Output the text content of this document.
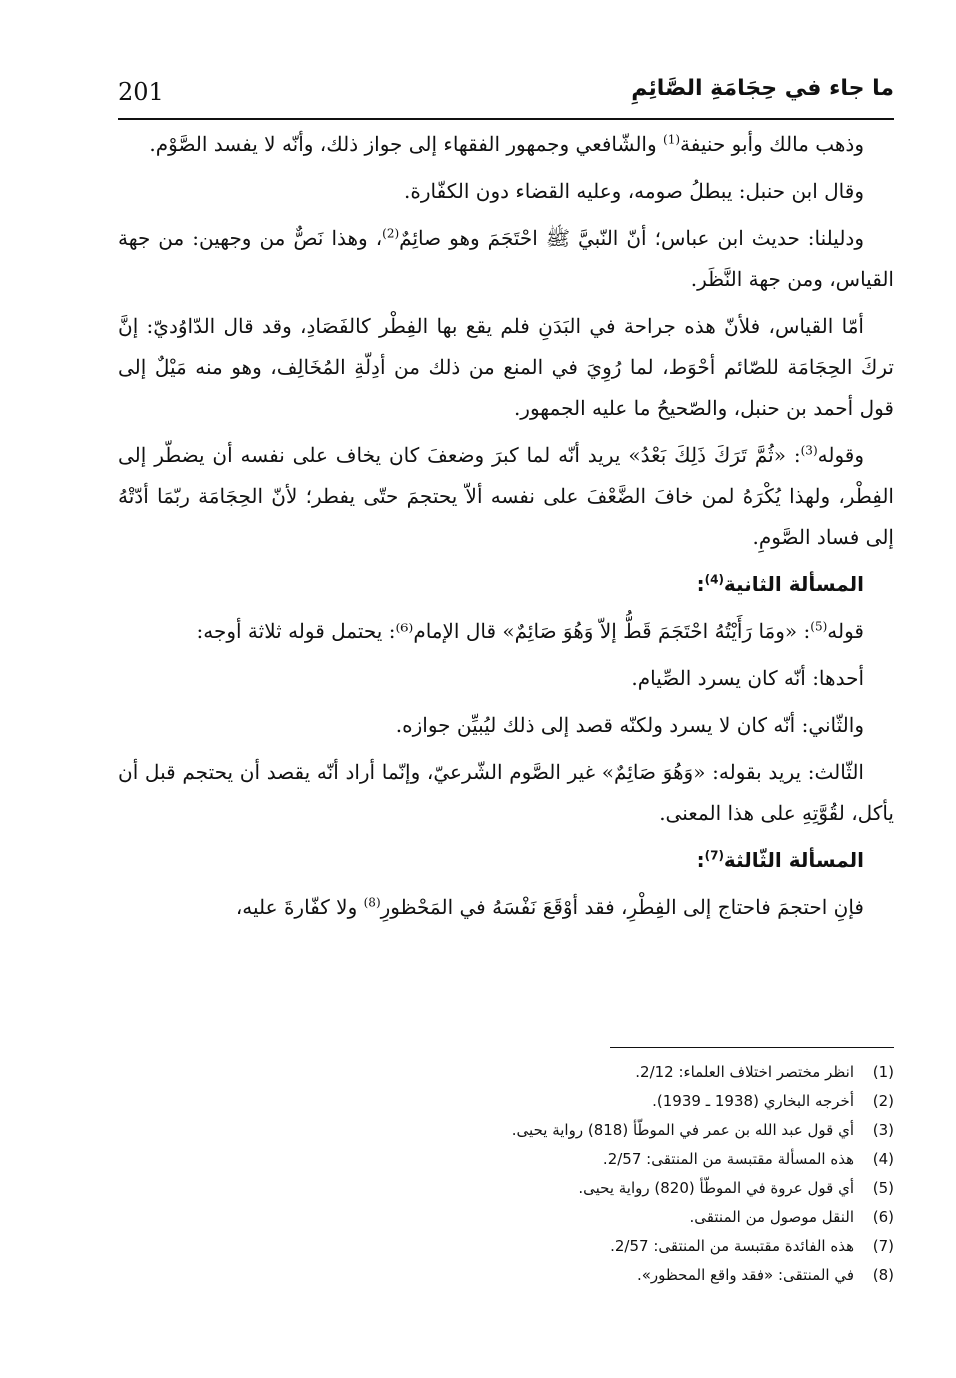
201	ما جاء في حِجَامَةِ الصَّائِمِ

وذهب مالك وأبو حنيفة$^{(1)}$ والشّافعي وجمهور الفقهاء إلى جواز ذلك، وأنّه لا يفسد الصَّوْم.

وقال ابن حنبل: يبطلُ صومه، وعليه القضاء دون الكفّارة.

ودليلنا: حديث ابن عباس؛ أنّ النّبيَّ ﷺ احْتَجَمَ وهو صائِمٌ$^{(2)}$، وهذا نَصٌّ من وجهين: من جهة القياس، ومن جهة النَّظَر.

أمّا القياس، فلأنّ هذه جراحة في البَدَنِ فلم يقع بها الفِطْر كالفَصَادِ، وقد قال الدّاوُديّ: إنَّ تركَ الحِجَامَة للصّائم أحْوَط، لما رُوِيَ في المنع من ذلك من أدِلّةِ المُخَالِف، وهو منه مَيْلٌ إلى قول أحمد بن حنبل، والصّحيحُ ما عليه الجمهور.

وقوله$^{(3)}$: «ثُمَّ تَرَكَ ذَلِكَ بَعْدُ» يريد أنّه لما كبرَ وضعفَ كان يخاف على نفسه أن يضطّر إلى الفِطْر، ولهذا يُكْرَهُ لمن خافَ الضَّعْفَ على نفسه ألاّ يحتجمَ حتّى يفطر؛ لأنّ الحِجَامَة ربّمَا أدّتْهُ إلى فساد الصَّومِ.

المسألة الثانية$^{(4)}$:

قوله$^{(5)}$: «ومَا رَأَيْتُهُ احْتَجَمَ قَطُّ إلاّ وَهُوَ صَائِمٌ» قال الإمام⁽⁶⁾: يحتمل قوله ثلاثة أوجه:

أحدها: أنّه كان يسرد الصِّيام.

والثّاني: أنّه كان لا يسرد ولكنّه قصد إلى ذلك ليُبيِّن جوازه.

الثّالث: يريد بقوله: «وَهُوَ صَائِمٌ» غير الصَّوم الشّرعيّ، وإنّما أراد أنّه يقصد أن يحتجم قبل أن يأكل، لقُوَّتِهِ على هذا المعنى.

المسألة الثّالثة$^{(7)}$:

فإنِ احتجمَ فاحتاج إلى الفِطْرِ، فقد أوْقَعَ نَفْسَهُ في المَحْظورِ$^{(8)}$ ولا كفّارةَ عليه،

(1)
انظر مختصر اختلاف العلماء: 2/12.
(2)
أخرجه البخاري (1938 ـ 1939).
(3)
أي قول عبد الله بن عمر في الموطّأ (818) رواية يحيى.
(4)
هذه المسألة مقتبسة من المنتقى: 2/57.
(5)
أي قول عروة في الموطّأ (820) رواية يحيى.
(6)
النقل موصول من المنتقى.
(7)
هذه الفائدة مقتبسة من المنتقى: 2/57.
(8)
في المنتقى: «فقد واقع المحظور».
